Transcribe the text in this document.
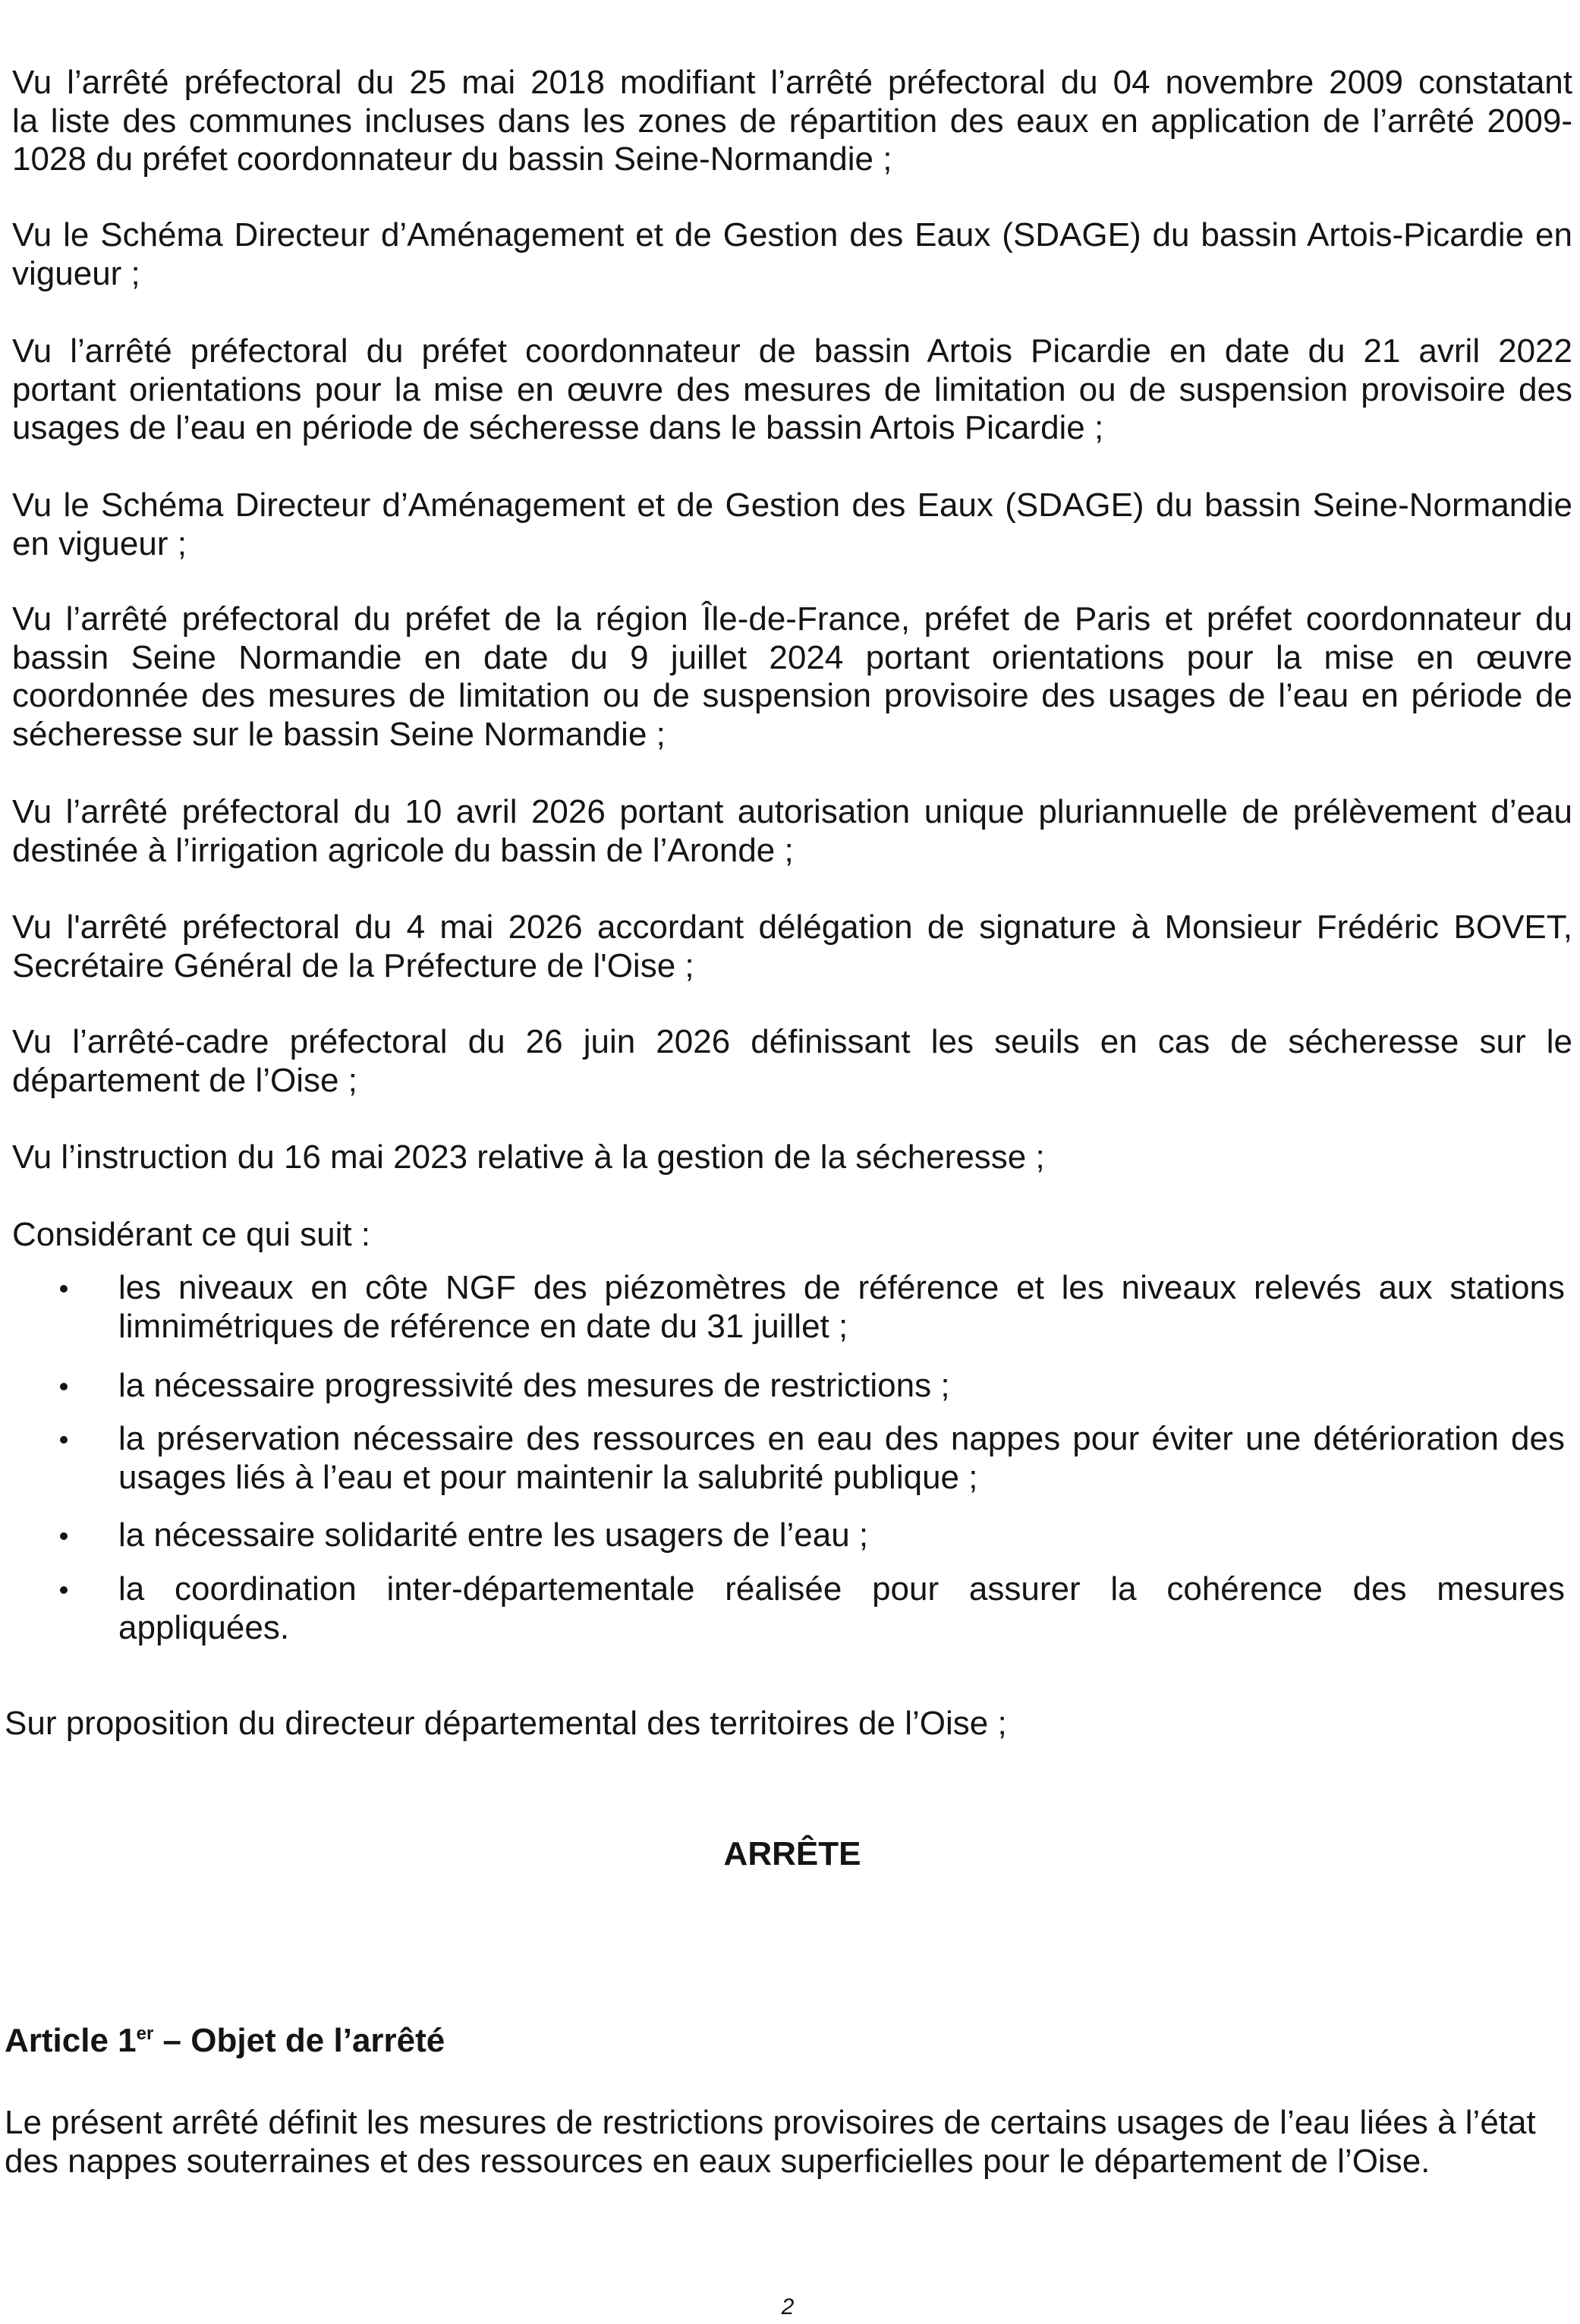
Vu l’arrêté préfectoral du 25 mai 2018 modifiant l’arrêté préfectoral du 04 novembre 2009 constatant
la liste des communes incluses dans les zones de répartition des eaux en application de l’arrêté 2009-
1028 du préfet coordonnateur du bassin Seine-Normandie ;
Vu le Schéma Directeur d’Aménagement et de Gestion des Eaux (SDAGE) du bassin Artois-Picardie en
vigueur ;
Vu l’arrêté préfectoral du préfet coordonnateur de bassin Artois Picardie en date du 21 avril 2022
portant orientations pour la mise en œuvre des mesures de limitation ou de suspension provisoire des
usages de l’eau en période de sécheresse dans le bassin Artois Picardie ;
Vu le Schéma Directeur d’Aménagement et de Gestion des Eaux (SDAGE) du bassin Seine-Normandie
en vigueur ;
Vu l’arrêté préfectoral du préfet de la région Île-de-France, préfet de Paris et préfet coordonnateur du
bassin Seine Normandie en date du 9 juillet 2024 portant orientations pour la mise en œuvre
coordonnée des mesures de limitation ou de suspension provisoire des usages de l’eau en période de
sécheresse sur le bassin Seine Normandie ;
Vu l’arrêté préfectoral du 10 avril 2026 portant autorisation unique pluriannuelle de prélèvement d’eau
destinée à l’irrigation agricole du bassin de l’Aronde ;
Vu l'arrêté préfectoral du 4 mai 2026 accordant délégation de signature à Monsieur Frédéric BOVET,
Secrétaire Général de la Préfecture de l'Oise ;
Vu l’arrêté-cadre préfectoral du 26 juin 2026 définissant les seuils en cas de sécheresse sur le
département de l’Oise ;
Vu l’instruction du 16 mai 2023 relative à la gestion de la sécheresse ;
Considérant ce qui suit :
les niveaux en côte NGF des piézomètres de référence et les niveaux relevés aux stations
limnimétriques de référence en date du 31 juillet ;
la nécessaire progressivité des mesures de restrictions ;
la préservation nécessaire des ressources en eau des nappes pour éviter une détérioration des
usages liés à l’eau et pour maintenir la salubrité publique ;
la nécessaire solidarité entre les usagers de l’eau ;
la coordination inter-départementale réalisée pour assurer la cohérence des mesures
appliquées.
Sur proposition du directeur départemental des territoires de l’Oise ;
ARRÊTE
Article 1er – Objet de l’arrêté
Le présent arrêté définit les mesures de restrictions provisoires de certains usages de l’eau liées à l’état
des nappes souterraines et des ressources en eaux superficielles pour le département de l’Oise.
2
